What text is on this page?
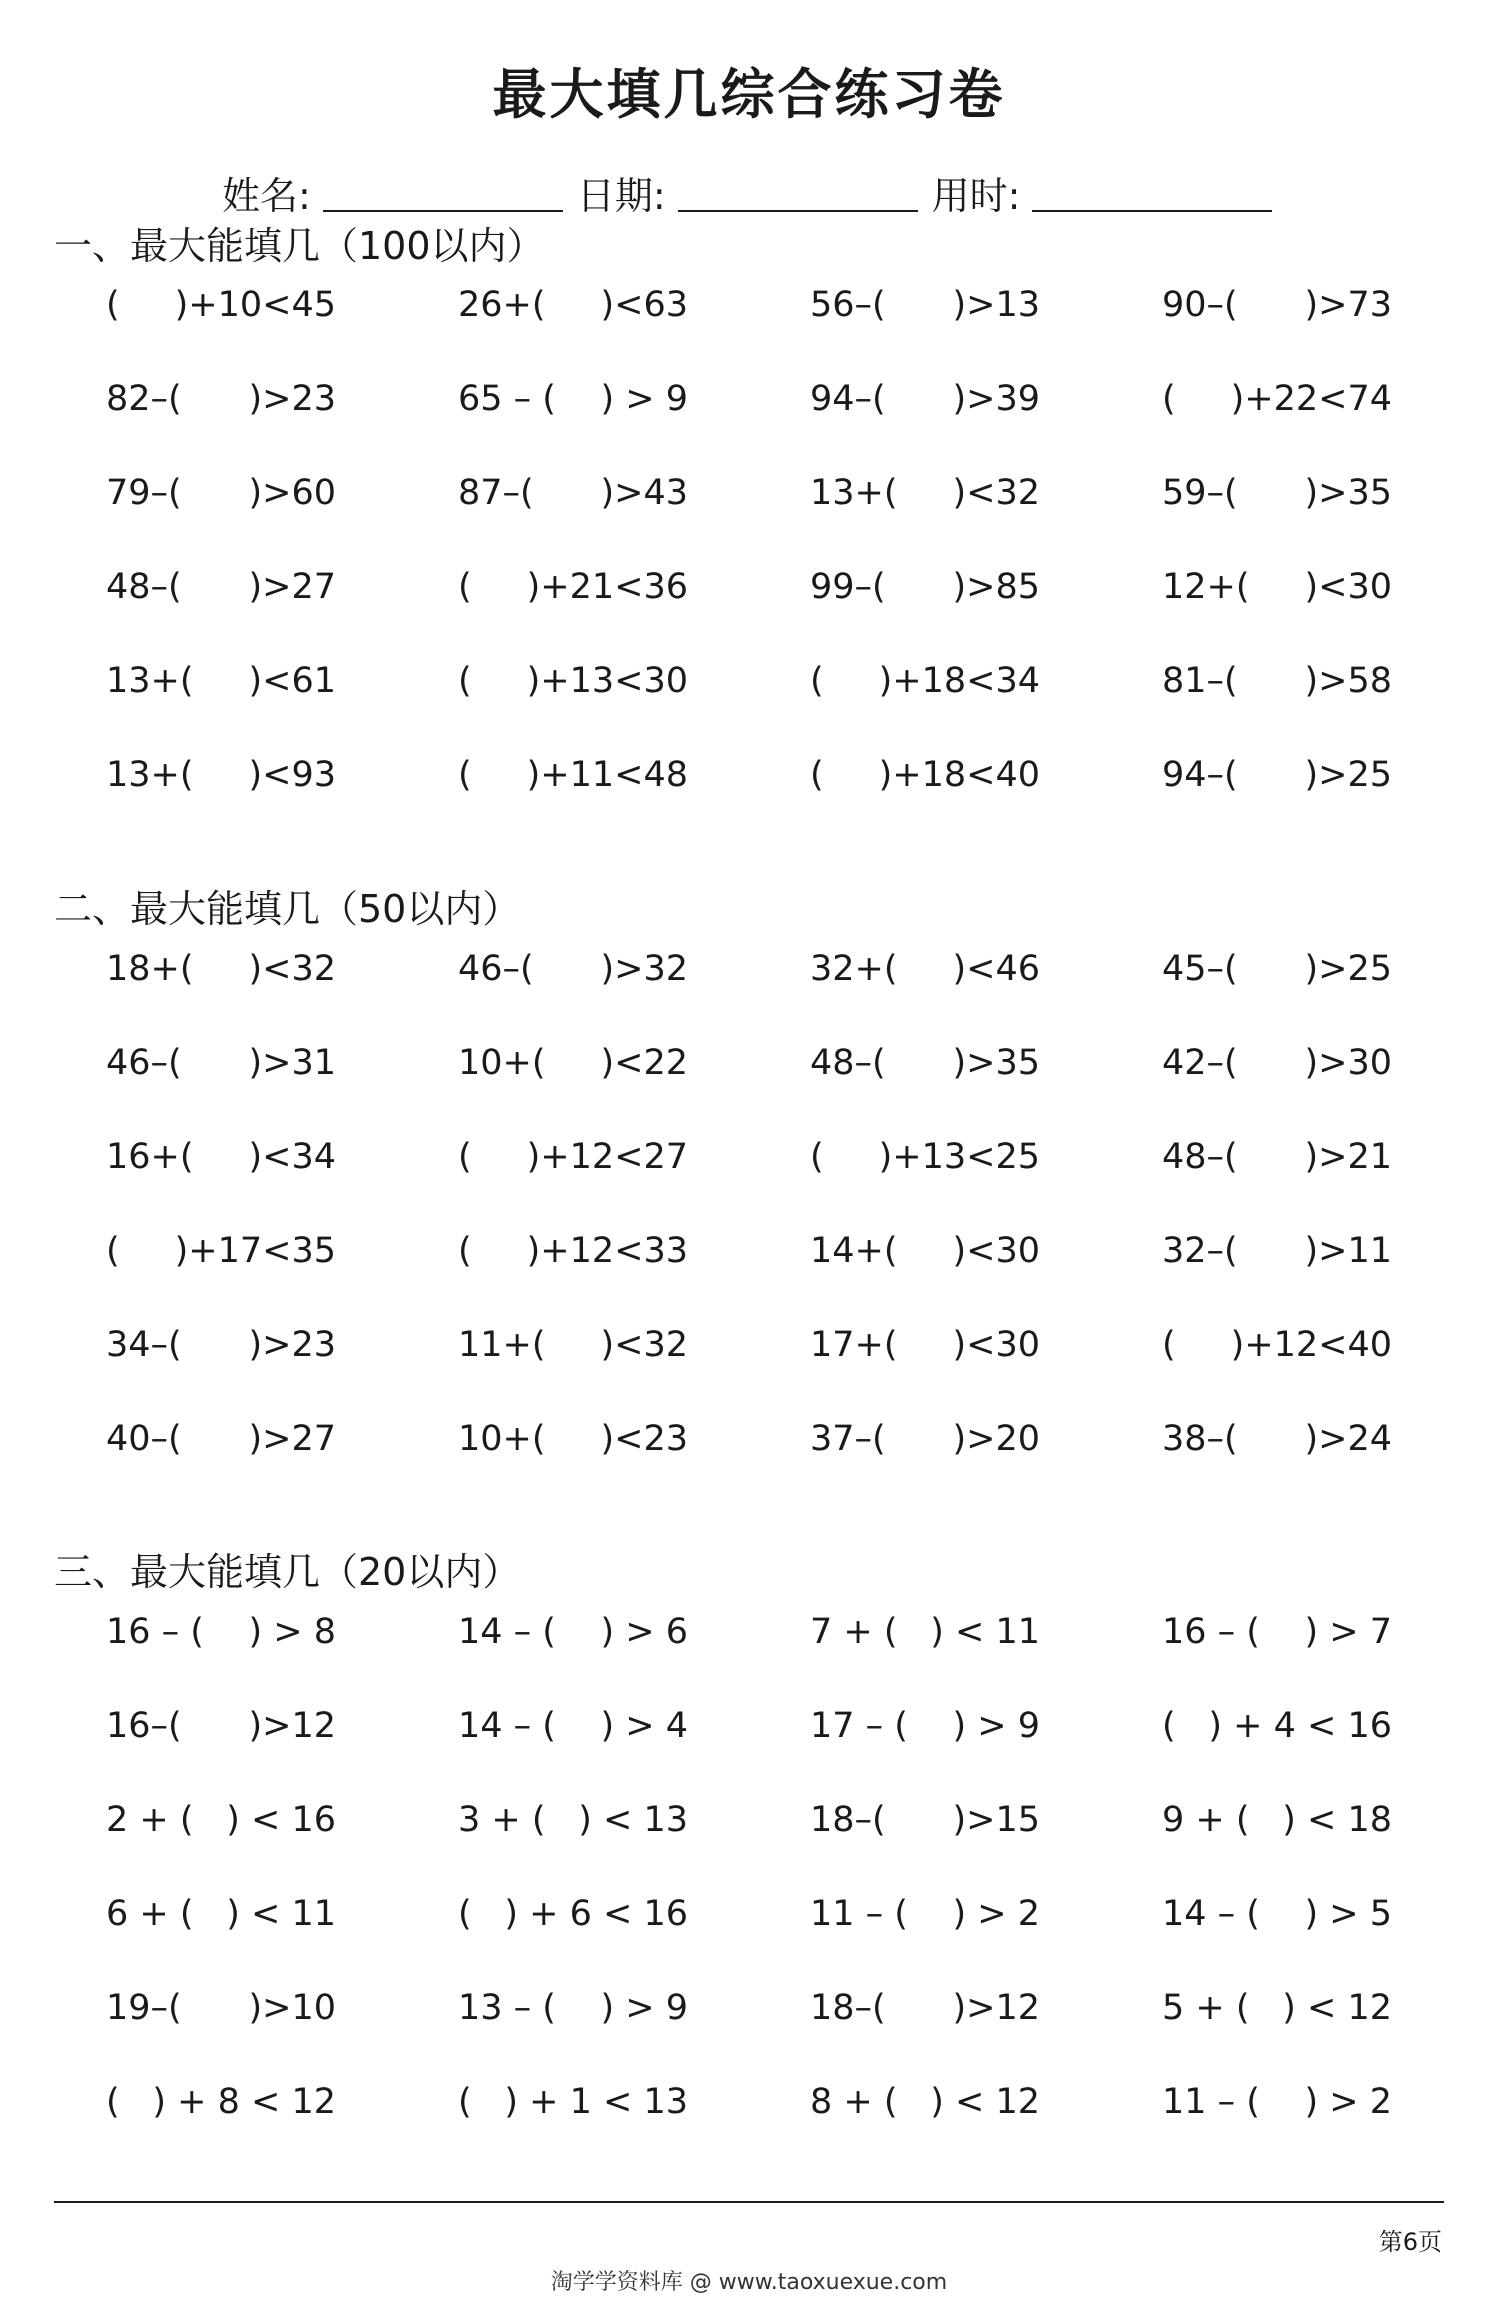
最大填几综合练习卷
姓名:	日期:	用时:
一、最大能填几（100以内）
( )+10<45	26+( )<63	56–( )>13	90–( )>73
82–( )>23	65 – ( ) > 9	94–( )>39	( )+22<74
79–( )>60	87–( )>43	13+( )<32	59–( )>35
48–( )>27	( )+21<36	99–( )>85	12+( )<30
13+( )<61	( )+13<30	( )+18<34	81–( )>58
13+( )<93	( )+11<48	( )+18<40	94–( )>25
二、最大能填几（50以内）
18+( )<32	46–( )>32	32+( )<46	45–( )>25
46–( )>31	10+( )<22	48–( )>35	42–( )>30
16+( )<34	( )+12<27	( )+13<25	48–( )>21
( )+17<35	( )+12<33	14+( )<30	32–( )>11
34–( )>23	11+( )<32	17+( )<30	( )+12<40
40–( )>27	10+( )<23	37–( )>20	38–( )>24
三、最大能填几（20以内）
16 – ( ) > 8	14 – ( ) > 6	7 + ( ) < 11	16 – ( ) > 7
16–( )>12	14 – ( ) > 4	17 – ( ) > 9	( ) + 4 < 16
2 + ( ) < 16	3 + ( ) < 13	18–( )>15	9 + ( ) < 18
6 + ( ) < 11	( ) + 6 < 16	11 – ( ) > 2	14 – ( ) > 5
19–( )>10	13 – ( ) > 9	18–( )>12	5 + ( ) < 12
( ) + 8 < 12	( ) + 1 < 13	8 + ( ) < 12	11 – ( ) > 2
第6页
淘学学资料库 @ www.taoxuexue.com
